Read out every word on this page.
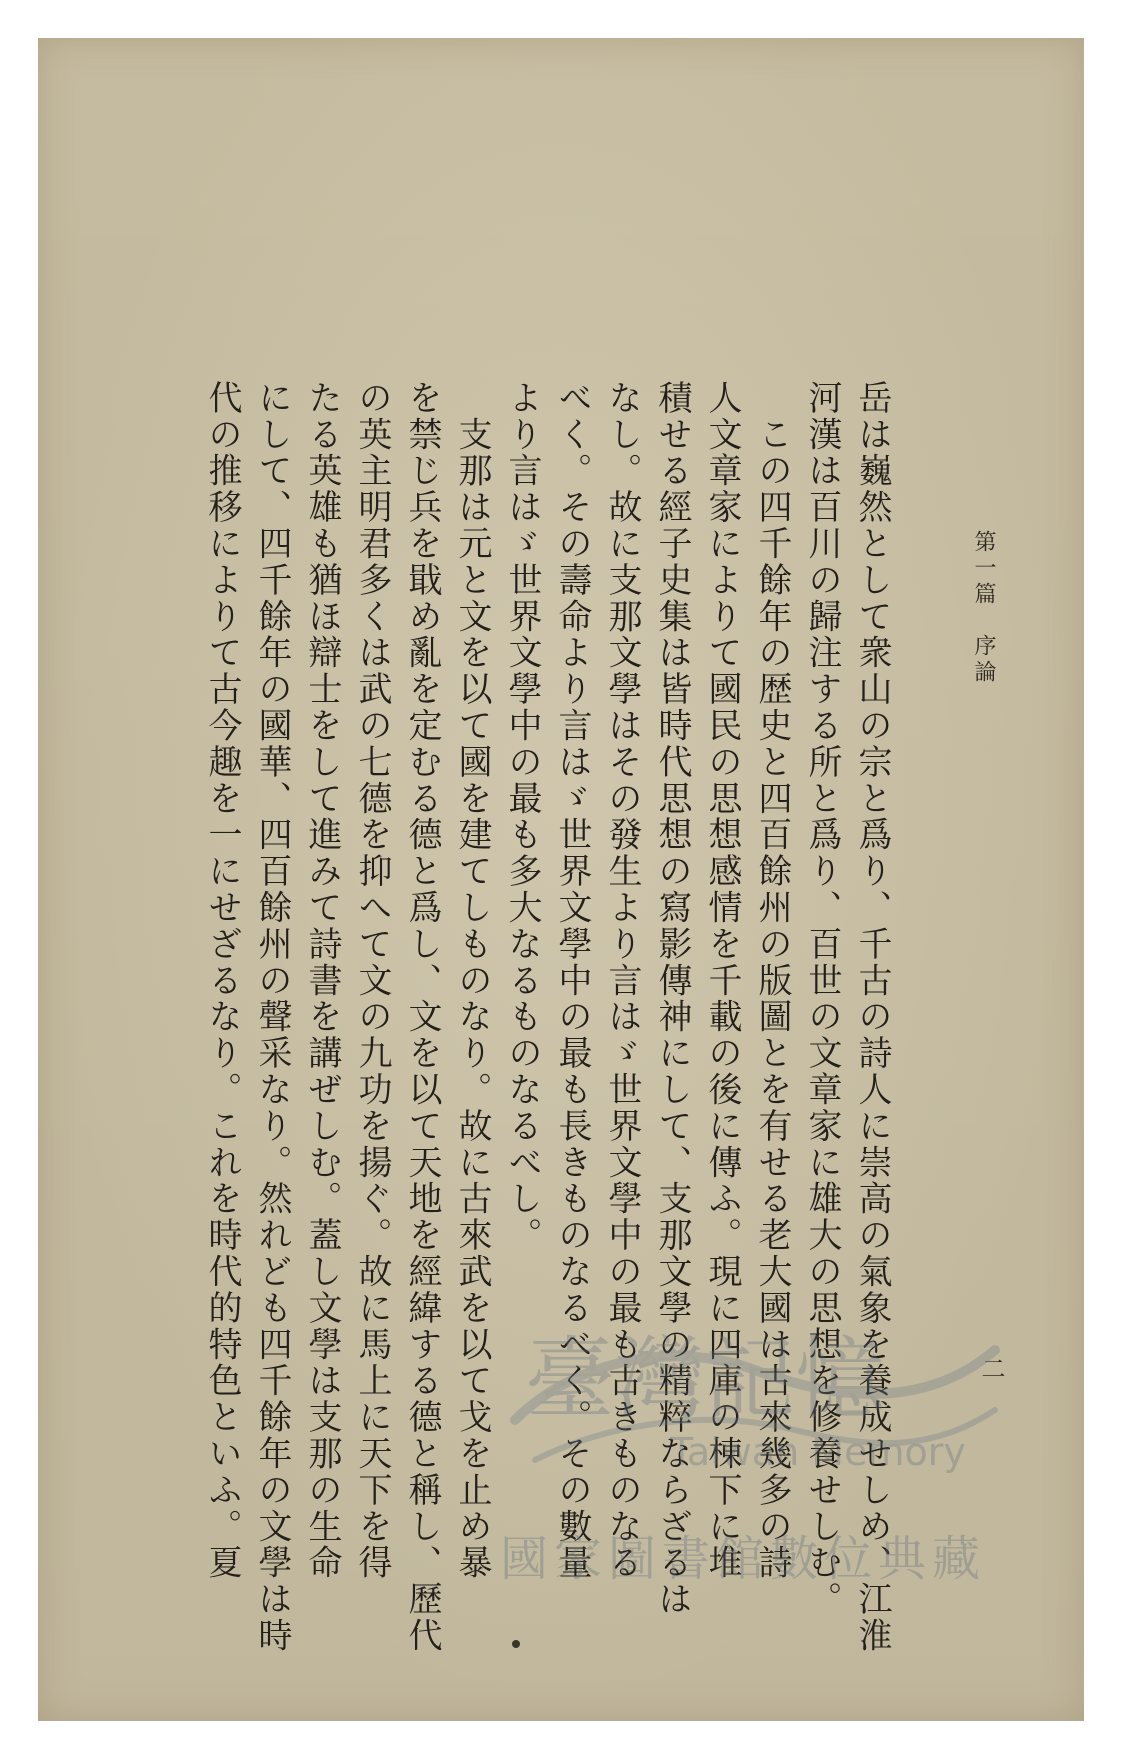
第一篇　序論
二
岳は巍然として衆山の宗と爲り、千古の詩人に崇高の氣象を養成せしめ、江淮
河漢は百川の歸注する所と爲り、百世の文章家に雄大の思想を修養せしむ。
　この四千餘年の歴史と四百餘州の版圖とを有せる老大國は古來幾多の詩
人文章家によりて國民の思想感情を千載の後に傳ふ。現に四庫の棟下に堆
積せる經子史集は皆時代思想の寫影傳神にして、支那文學の精粹ならざるは
なし。故に支那文學はその發生より言はゞ世界文學中の最も古きものなる
べく。その壽命より言はゞ世界文學中の最も長きものなるべく。その數量
より言はゞ世界文學中の最も多大なるものなるべし。
　支那は元と文を以て國を建てしものなり。故に古來武を以て戈を止め暴
を禁じ兵を戢め亂を定むる德と爲し、文を以て天地を經緯する德と稱し、歷代
の英主明君多くは武の七德を抑へて文の九功を揚ぐ。故に馬上に天下を得
たる英雄も猶ほ辯士をして進みて詩書を講ぜしむ。蓋し文學は支那の生命
にして、四千餘年の國華、四百餘州の聲采なり。然れども四千餘年の文學は時
代の推移によりて古今趣を一にせざるなり。これを時代的特色といふ。夏	臺灣記憶
Taiwan Memory
國家圖書館數位典藏
